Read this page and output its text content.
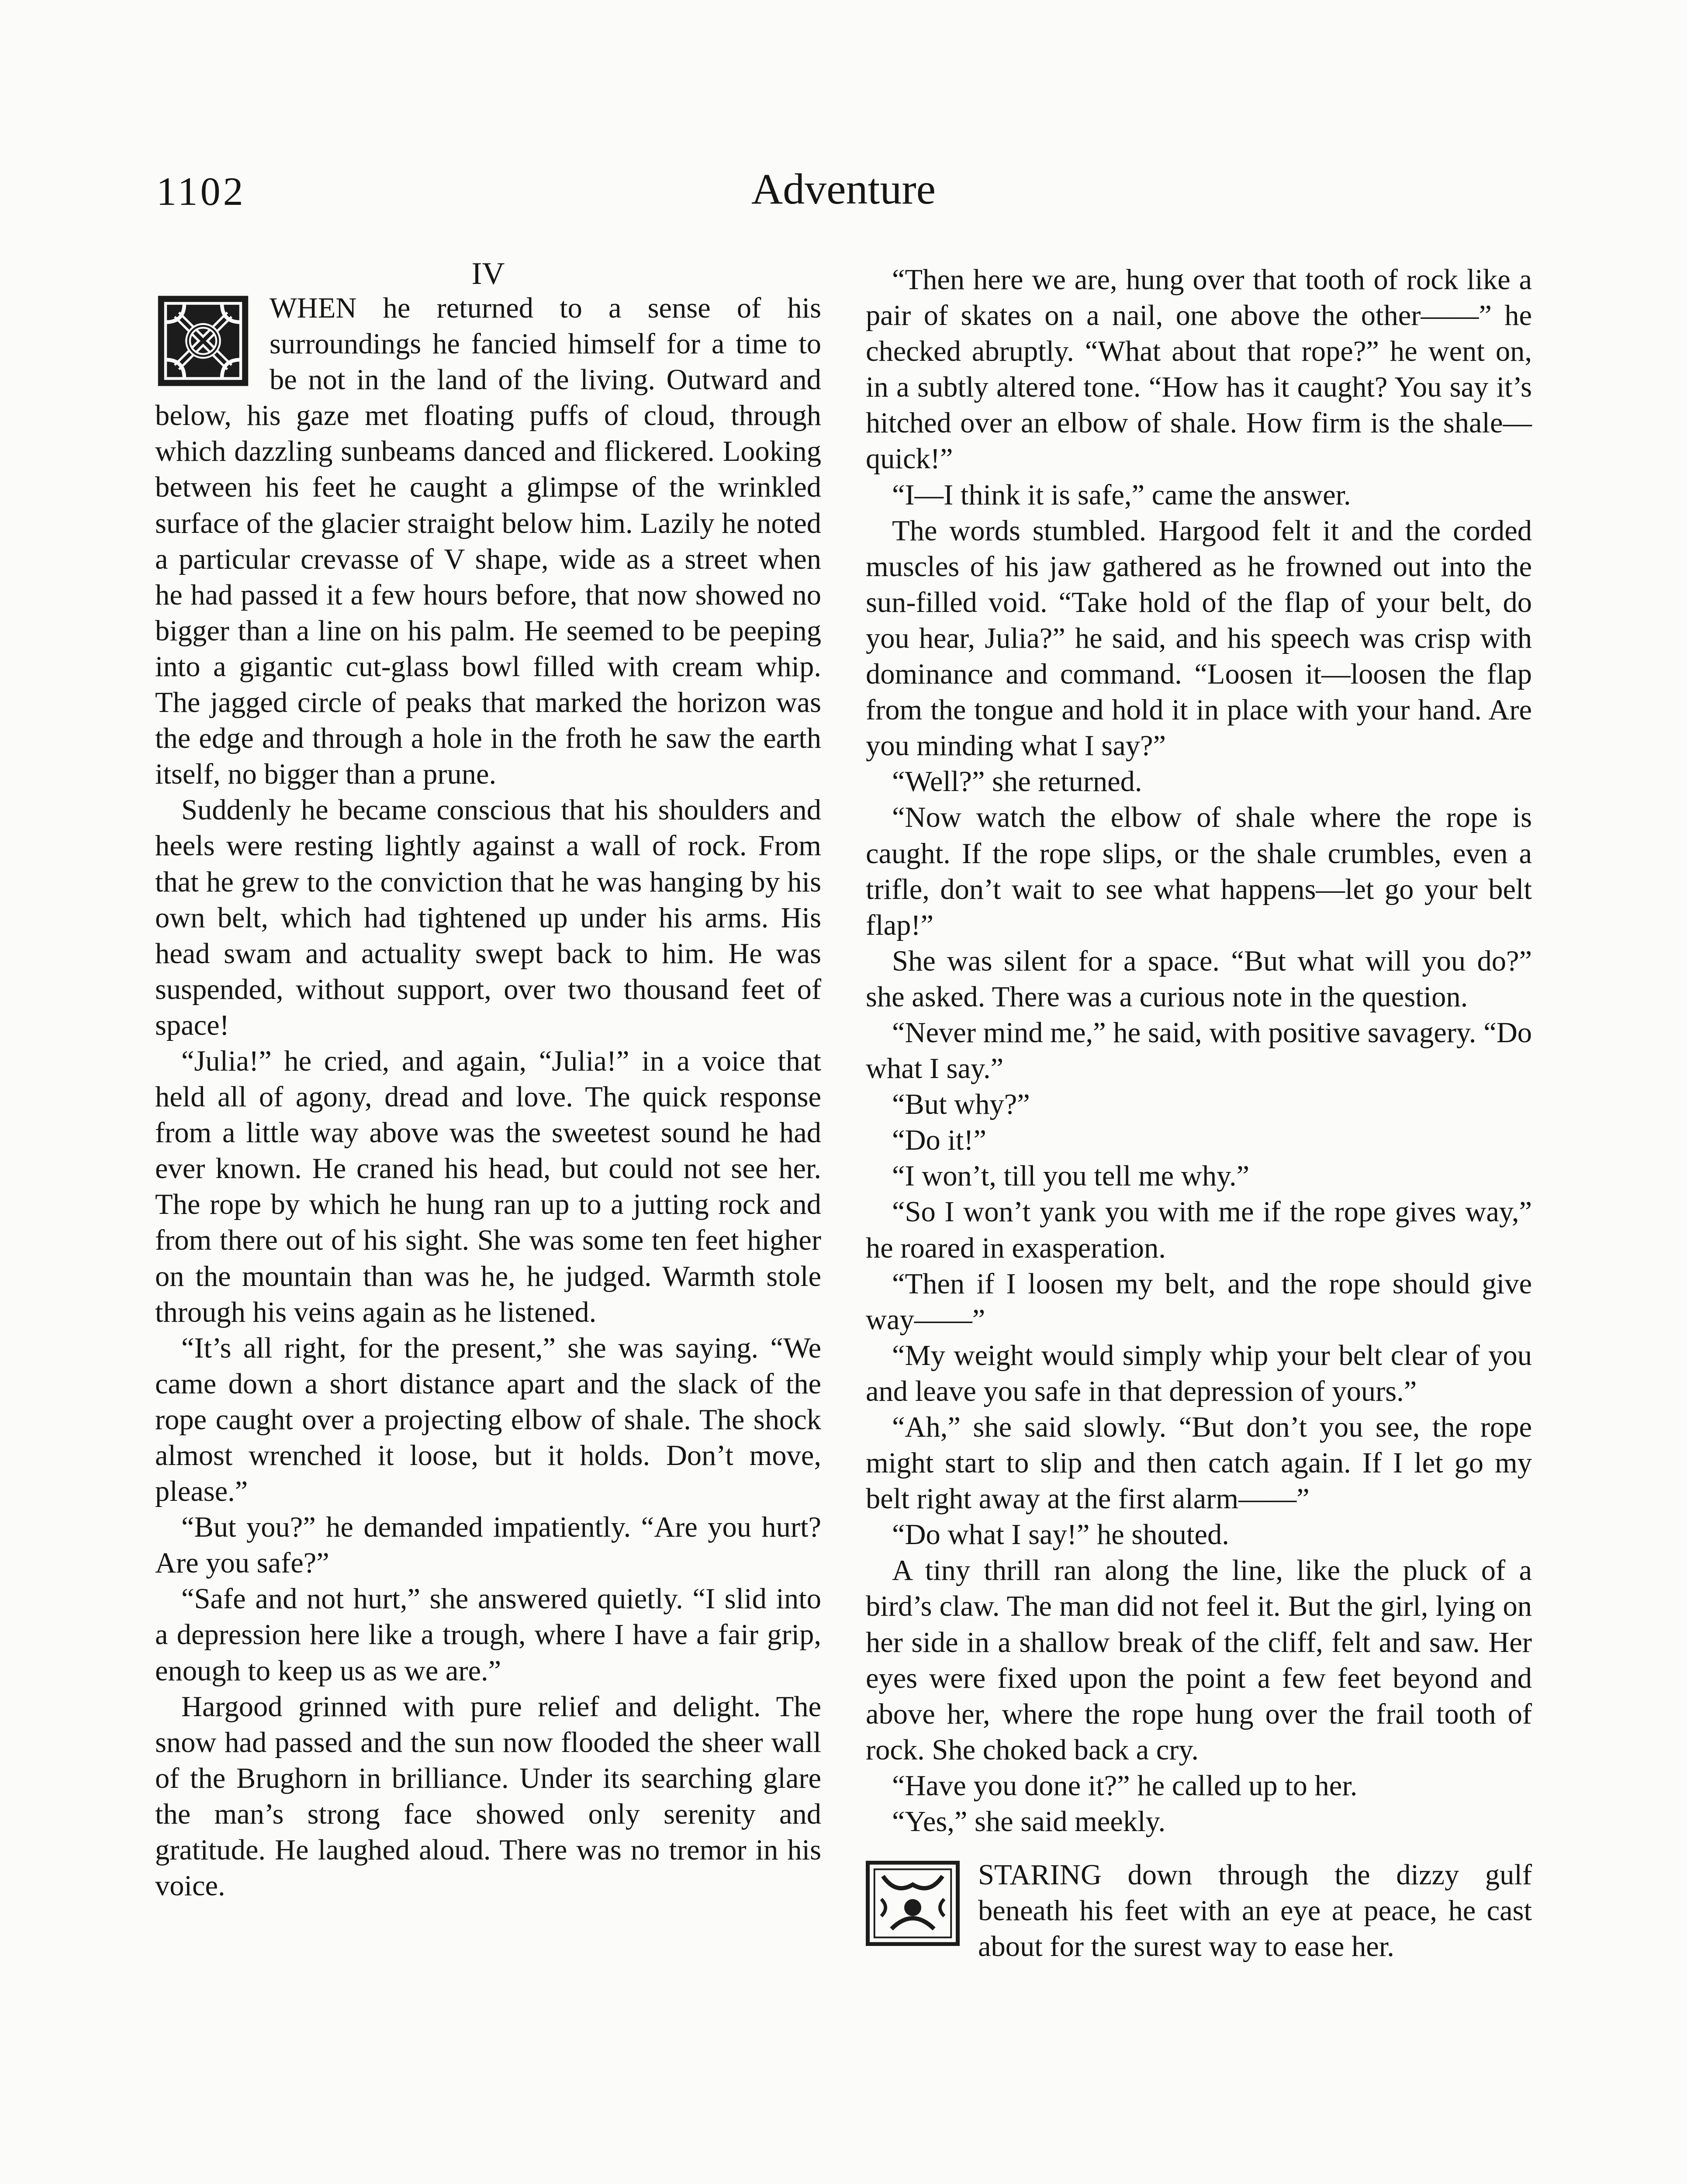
1102	Adventure
IV

WHEN he returned to a sense of his surroundings he fancied himself for a time to be not in the land of the living. Outward and below, his gaze met floating puffs of cloud, through which dazzling sunbeams danced and flickered. Looking between his feet he caught a glimpse of the wrinkled surface of the glacier straight below him. Lazily he noted a particular crevasse of V shape, wide as a street when he had passed it a few hours before, that now showed no bigger than a line on his palm. He seemed to be peeping into a gigantic cut-glass bowl filled with cream whip. The jagged circle of peaks that marked the horizon was the edge and through a hole in the froth he saw the earth itself, no bigger than a prune.

Suddenly he became conscious that his shoulders and heels were resting lightly against a wall of rock. From that he grew to the conviction that he was hanging by his own belt, which had tightened up under his arms. His head swam and actuality swept back to him. He was suspended, without support, over two thousand feet of space!

“Julia!” he cried, and again, “Julia!” in a voice that held all of agony, dread and love. The quick response from a little way above was the sweetest sound he had ever known. He craned his head, but could not see her. The rope by which he hung ran up to a jutting rock and from there out of his sight. She was some ten feet higher on the mountain than was he, he judged. Warmth stole through his veins again as he listened.

“It’s all right, for the present,” she was saying. “We came down a short distance apart and the slack of the rope caught over a projecting elbow of shale. The shock almost wrenched it loose, but it holds. Don’t move, please.”

“But you?” he demanded impatiently. “Are you hurt? Are you safe?”

“Safe and not hurt,” she answered quietly. “I slid into a depression here like a trough, where I have a fair grip, enough to keep us as we are.”

Hargood grinned with pure relief and delight. The snow had passed and the sun now flooded the sheer wall of the Brughorn in brilliance. Under its searching glare the man’s strong face showed only serenity and gratitude. He laughed aloud. There was no tremor in his voice.

“Then here we are, hung over that tooth of rock like a pair of skates on a nail, one above the other——” he checked abruptly. “What about that rope?” he went on, in a subtly altered tone. “How has it caught? You say it’s hitched over an elbow of shale. How firm is the shale—quick!”

“I—I think it is safe,” came the answer.

The words stumbled. Hargood felt it and the corded muscles of his jaw gathered as he frowned out into the sun-filled void. “Take hold of the flap of your belt, do you hear, Julia?” he said, and his speech was crisp with dominance and command. “Loosen it—loosen the flap from the tongue and hold it in place with your hand. Are you minding what I say?”

“Well?” she returned.

“Now watch the elbow of shale where the rope is caught. If the rope slips, or the shale crumbles, even a trifle, don’t wait to see what happens—let go your belt flap!”

She was silent for a space. “But what will you do?” she asked. There was a curious note in the question.

“Never mind me,” he said, with positive savagery. “Do what I say.”

“But why?”

“Do it!”

“I won’t, till you tell me why.”

“So I won’t yank you with me if the rope gives way,” he roared in exasperation.

“Then if I loosen my belt, and the rope should give way——”

“My weight would simply whip your belt clear of you and leave you safe in that depression of yours.”

“Ah,” she said slowly. “But don’t you see, the rope might start to slip and then catch again. If I let go my belt right away at the first alarm——”

“Do what I say!” he shouted.

A tiny thrill ran along the line, like the pluck of a bird’s claw. The man did not feel it. But the girl, lying on her side in a shallow break of the cliff, felt and saw. Her eyes were fixed upon the point a few feet beyond and above her, where the rope hung over the frail tooth of rock. She choked back a cry.

“Have you done it?” he called up to her.

“Yes,” she said meekly.

STARING down through the dizzy gulf beneath his feet with an eye at peace, he cast about for the surest way to ease her.
